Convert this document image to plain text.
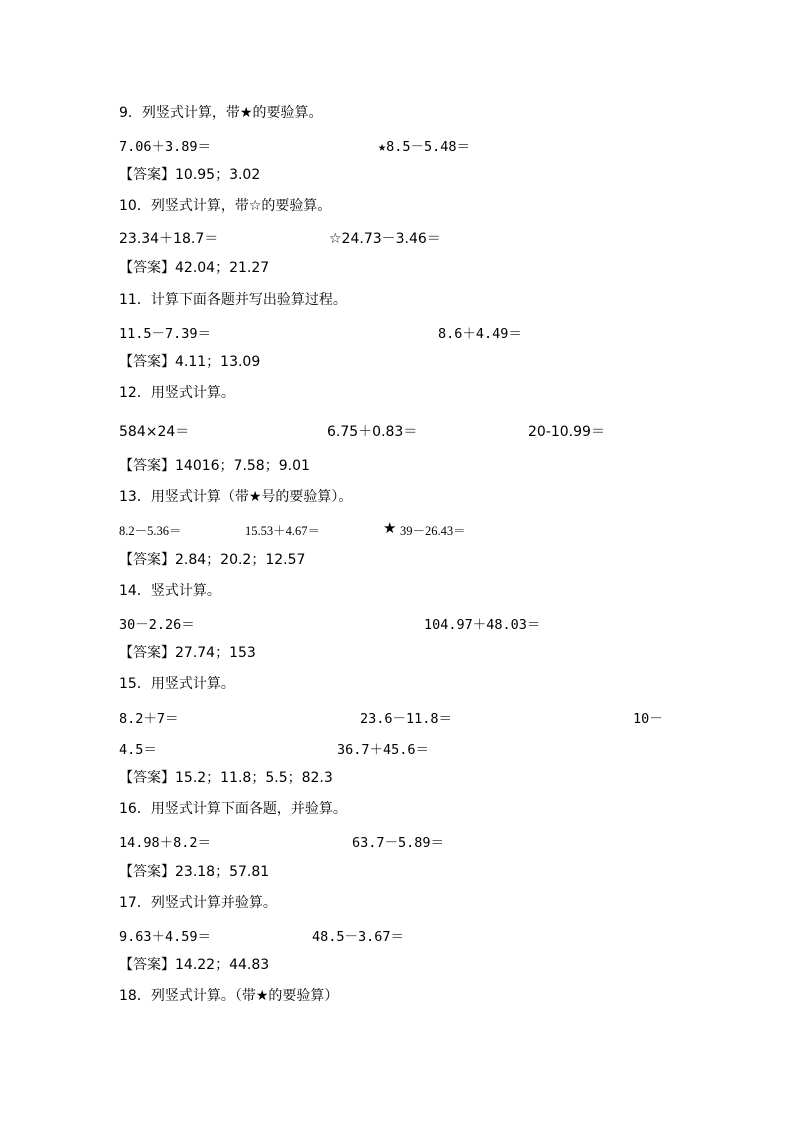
9．列竖式计算，带★的要验算。
7.06＋3.89＝	★8.5－5.48＝
【答案】10.95；3.02
10．列竖式计算，带☆的要验算。
23.34＋18.7＝	☆24.73－3.46＝
【答案】42.04；21.27
11．计算下面各题并写出验算过程。
11.5－7.39＝	8.6＋4.49＝
【答案】4.11；13.09
12．用竖式计算。
584×24＝	6.75＋0.83＝	20-10.99＝
【答案】14016；7.58；9.01
13．用竖式计算（带★号的要验算）。
8.2－5.36＝	15.53＋4.67＝	★ 39－26.43＝
【答案】2.84；20.2；12.57
14．竖式计算。
30－2.26＝	104.97＋48.03＝
【答案】27.74；153
15．用竖式计算。
8.2＋7＝	23.6－11.8＝	10－
4.5＝	36.7＋45.6＝
【答案】15.2；11.8；5.5；82.3
16．用竖式计算下面各题，并验算。
14.98＋8.2＝	63.7－5.89＝
【答案】23.18；57.81
17．列竖式计算并验算。
9.63＋4.59＝	48.5－3.67＝
【答案】14.22；44.83
18．列竖式计算。（带★的要验算）
